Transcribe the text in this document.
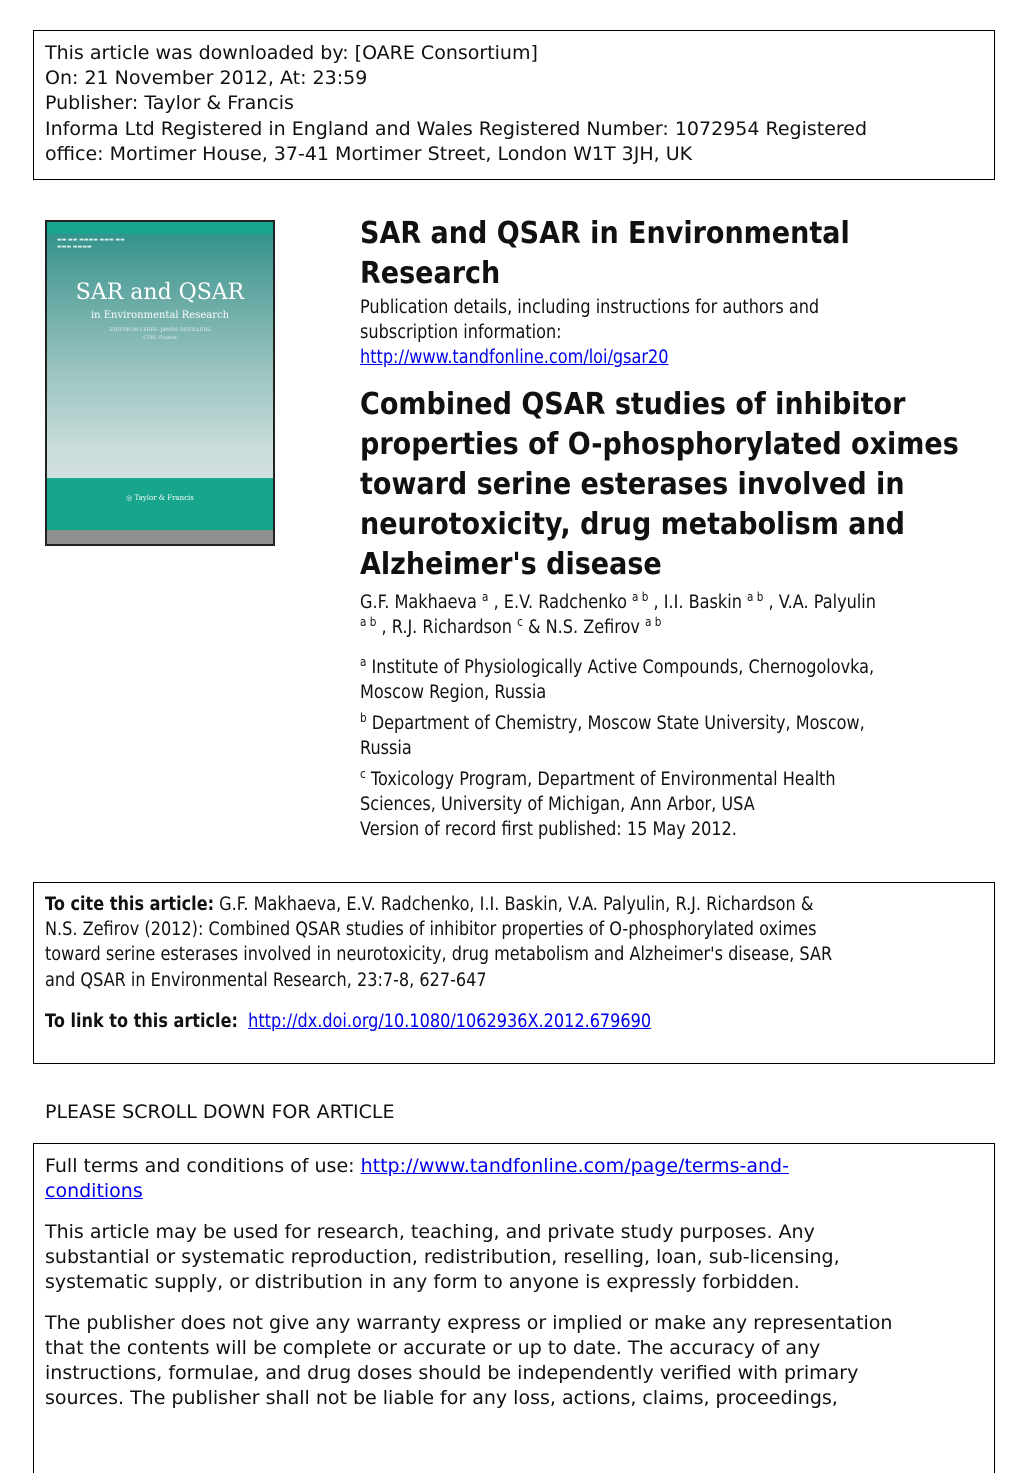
This article was downloaded by: [OARE Consortium]
On: 21 November 2012, At: 23:59
Publisher: Taylor & Francis
Informa Ltd Registered in England and Wales Registered Number: 1072954 Registered
office: Mortimer House, 37-41 Mortimer Street, London W1T 3JH, UK
▬▬ ▬▬ ▬▬▬▬ ▬▬▬ ▬▬
▬▬▬ ▬▬▬▬
SAR and QSAR
in Environmental Research
EDITOR-IN-CHIEF: JAMES DEVILLERS
CTIS, France
◎ Taylor & Francis
SAR and QSAR in Environmental
Research
Publication details, including instructions for authors and
subscription information:
http://www.tandfonline.com/loi/gsar20
Combined QSAR studies of inhibitor
properties of O-phosphorylated oximes
toward serine esterases involved in
neurotoxicity, drug metabolism and
Alzheimer's disease
G.F. Makhaeva $^a$ , E.V. Radchenko $^{a b}$ , I.I. Baskin $^{a b}$ , V.A. Palyulin
$^{a b}$ , R.J. Richardson $^c$ & N.S. Zefirov $^{a b}$
$^a$ Institute of Physiologically Active Compounds, Chernogolovka,
Moscow Region, Russia
$^b$ Department of Chemistry, Moscow State University, Moscow,
Russia
$^c$ Toxicology Program, Department of Environmental Health
Sciences, University of Michigan, Ann Arbor, USA
Version of record first published: 15 May 2012.
To cite this article: G.F. Makhaeva, E.V. Radchenko, I.I. Baskin, V.A. Palyulin, R.J. Richardson &
N.S. Zefirov (2012): Combined QSAR studies of inhibitor properties of O-phosphorylated oximes
toward serine esterases involved in neurotoxicity, drug metabolism and Alzheimer's disease, SAR
and QSAR in Environmental Research, 23:7-8, 627-647
To link to this article: http://dx.doi.org/10.1080/1062936X.2012.679690
PLEASE SCROLL DOWN FOR ARTICLE

Full terms and conditions of use: http://www.tandfonline.com/page/terms-and-
conditions

This article may be used for research, teaching, and private study purposes. Any
substantial or systematic reproduction, redistribution, reselling, loan, sub-licensing,
systematic supply, or distribution in any form to anyone is expressly forbidden.

The publisher does not give any warranty express or implied or make any representation
that the contents will be complete or accurate or up to date. The accuracy of any
instructions, formulae, and drug doses should be independently verified with primary
sources. The publisher shall not be liable for any loss, actions, claims, proceedings,
